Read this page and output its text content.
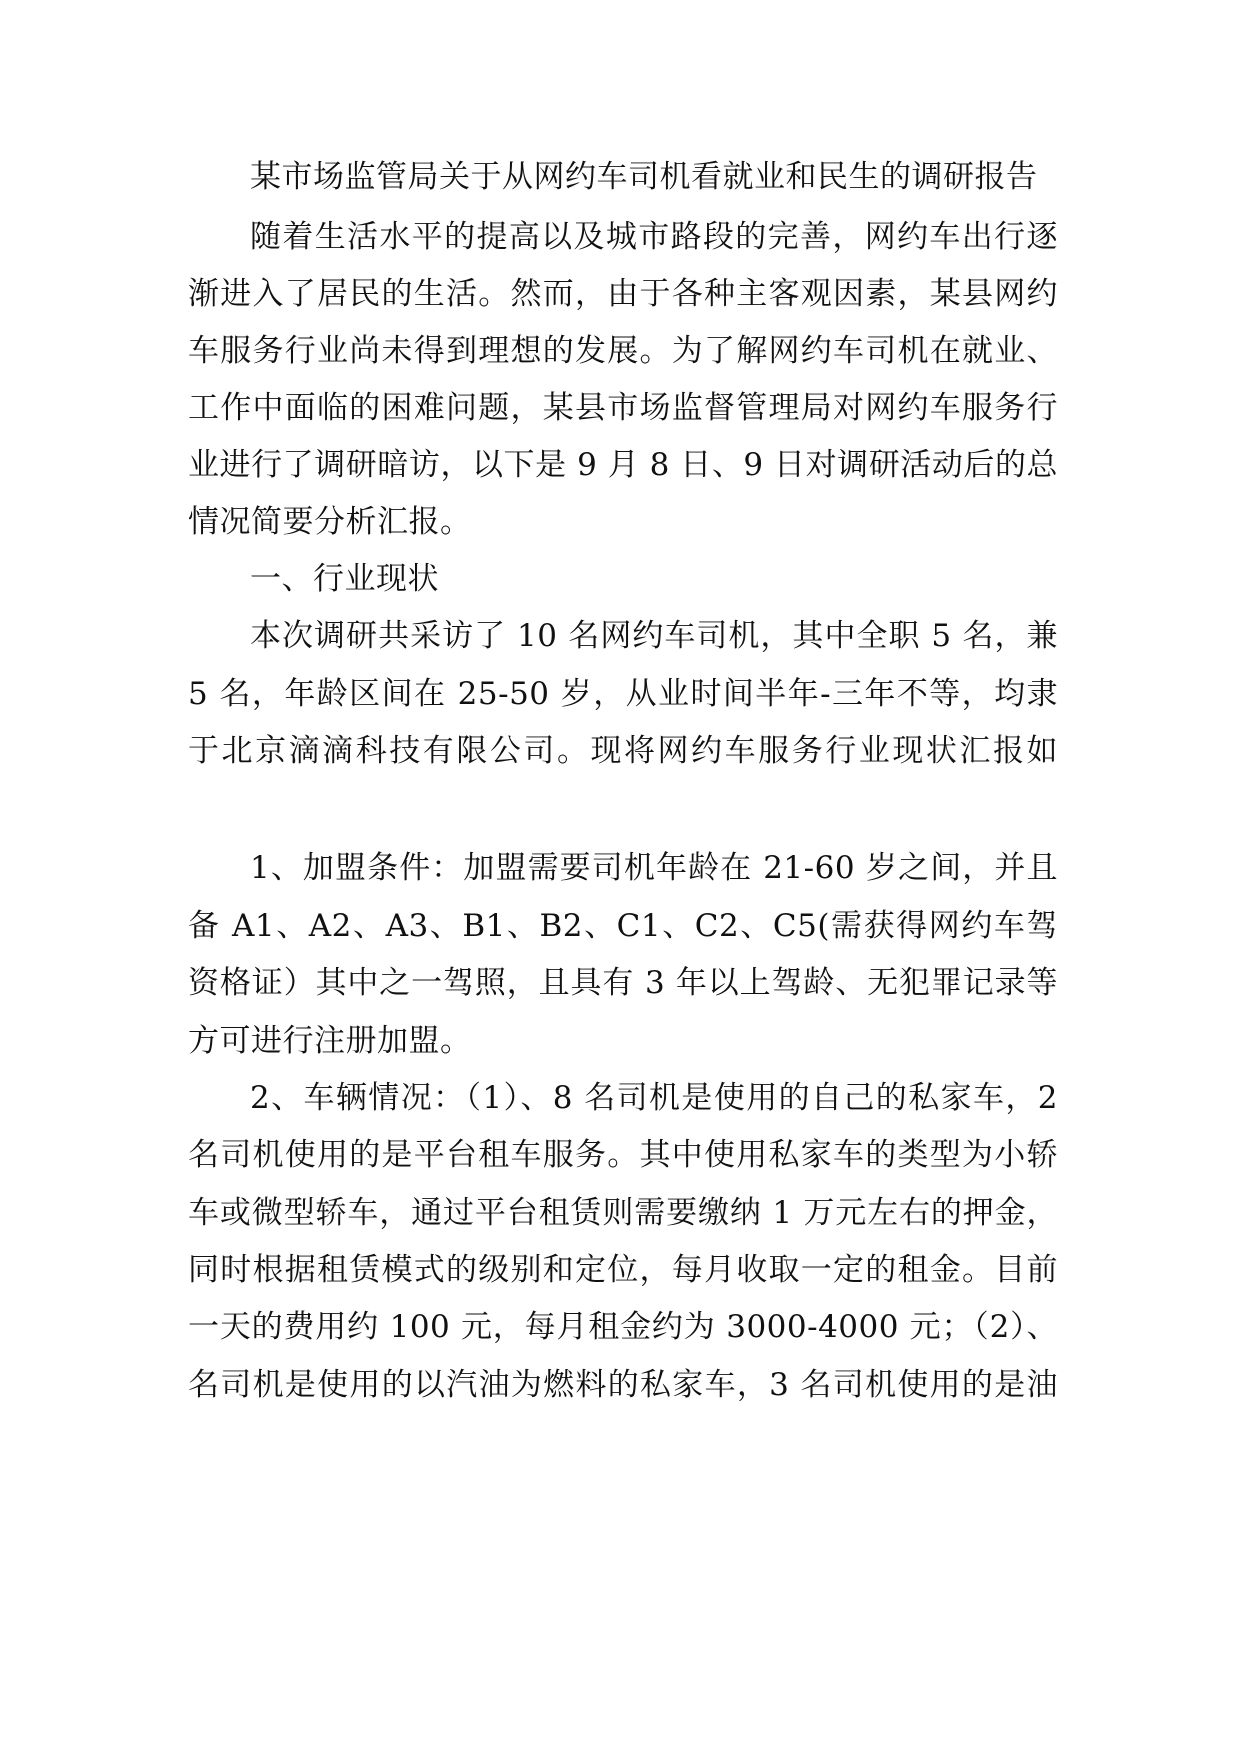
某市场监管局关于从网约车司机看就业和民生的调研报告
随着生活水平的提高以及城市路段的完善，网约车出行逐
渐进入了居民的生活。然而，由于各种主客观因素，某县网约
车服务行业尚未得到理想的发展。为了解网约车司机在就业、
工作中面临的困难问题，某县市场监督管理局对网约车服务行
业进行了调研暗访，以下是 9 月 8 日、9 日对调研活动后的总
情况简要分析汇报。
一、行业现状
本次调研共采访了 10 名网约车司机，其中全职 5 名，兼
5 名，年龄区间在 25-50 岁，从业时间半年-三年不等，均隶
于北京滴滴科技有限公司。现将网约车服务行业现状汇报如
1、加盟条件：加盟需要司机年龄在 21-60 岁之间，并且
备 A1、A2、A3、B1、B2、C1、C2、C5(需获得网约车驾
资格证）其中之一驾照，且具有 3 年以上驾龄、无犯罪记录等
方可进行注册加盟。
2、车辆情况：（1）、8 名司机是使用的自己的私家车，2
名司机使用的是平台租车服务。其中使用私家车的类型为小轿
车或微型轿车，通过平台租赁则需要缴纳 1 万元左右的押金，
同时根据租赁模式的级别和定位，每月收取一定的租金。目前
一天的费用约 100 元，每月租金约为 3000-4000 元；（2）、
名司机是使用的以汽油为燃料的私家车，3 名司机使用的是油
